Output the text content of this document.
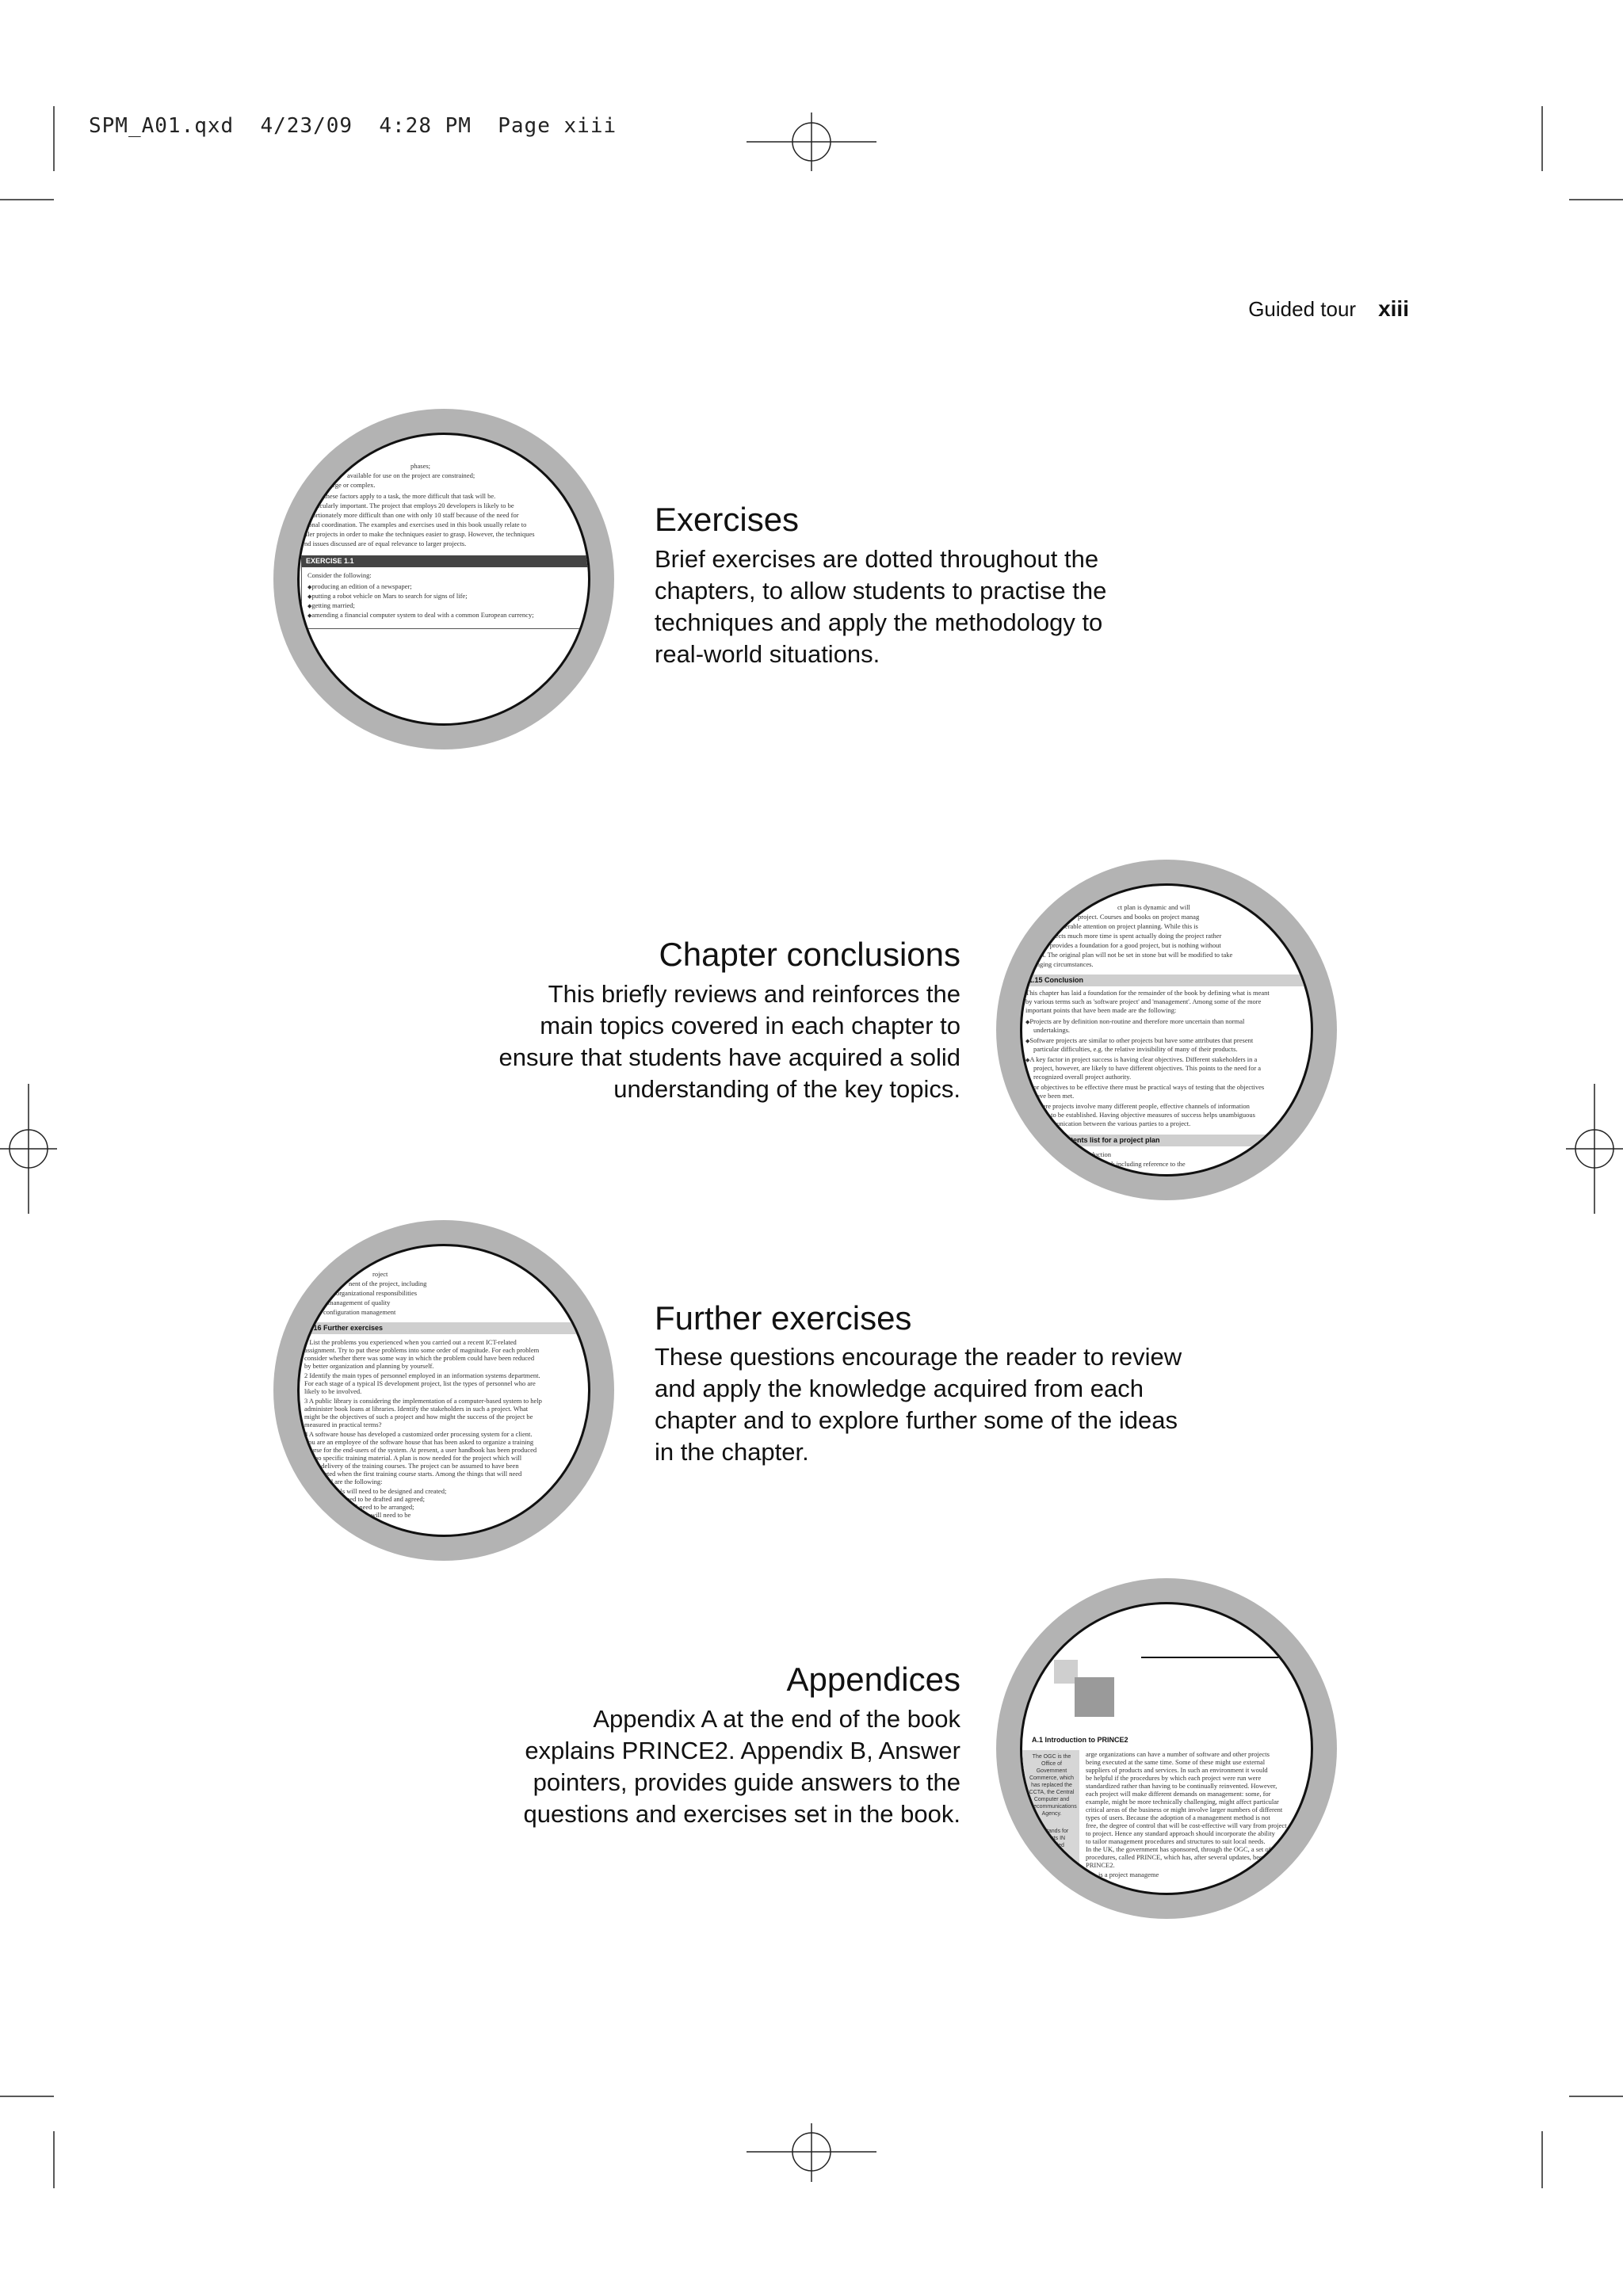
SPM_A01.qxd  4/23/09  4:28 PM  Page xiii
Guided tour xiii
phases;
available for use on the project are constrained;
large or complex.
of these factors apply to a task, the more difficult that task will be.
articularly important. The project that employs 20 developers is likely to be
oportionately more difficult than one with only 10 staff because of the need for
itional coordination. The examples and exercises used in this book usually relate to
aller projects in order to make the techniques easier to grasp. However, the techniques
nd issues discussed are of equal relevance to larger projects.
EXERCISE 1.1
Consider the following:
◆ producing an edition of a newspaper;
◆ putting a robot vehicle on Mars to search for signs of life;
◆ getting married;
◆ amending a financial computer system to deal with a common European currency;
Exercises
Brief exercises are dotted throughout the
chapters, to allow students to practise the
techniques and apply the methodology to
real-world situations.
ct plan is dynamic and will
project. Courses and books on project manag
siderable attention on project planning. While this is
projects much more time is spent actually doing the project rather
plan provides a foundation for a good project, but is nothing without
ution. The original plan will not be set in stone but will be modified to take
changing circumstances.
1.15 Conclusion
This chapter has laid a foundation for the remainder of the book by defining what is meant
by various terms such as 'software project' and 'management'. Among some of the more
important points that have been made are the following:
◆ Projects are by definition non-routine and therefore more uncertain than normal
undertakings.
◆ Software projects are similar to other projects but have some attributes that present
particular difficulties, e.g. the relative invisibility of many of their products.
◆ A key factor in project success is having clear objectives. Different stakeholders in a
project, however, are likely to have different objectives. This points to the need for a
recognized overall project authority.
◆ For objectives to be effective there must be practical ways of testing that the objectives
have been met.
◆ Where projects involve many different people, effective channels of information
have to be established. Having objective measures of success helps unambiguous
communication between the various parties to a project.
1 Contents list for a project plan
Introduction
ground: including reference to the
Chapter conclusions
This briefly reviews and reinforces the
main topics covered in each chapter to
ensure that students have acquired a solid
understanding of the key topics.
roject
nent of the project, including
organizational responsibilities
management of quality
configuration management
1.16 Further exercises
1 List the problems you experienced when you carried out a recent ICT-related
assignment. Try to put these problems into some order of magnitude. For each problem
consider whether there was some way in which the problem could have been reduced
by better organization and planning by yourself.
2 Identify the main types of personnel employed in an information systems department.
For each stage of a typical IS development project, list the types of personnel who are
likely to be involved.
3 A public library is considering the implementation of a computer-based system to help
administer book loans at libraries. Identify the stakeholders in such a project. What
might be the objectives of such a project and how might the success of the project be
measured in practical terms?
4 A software house has developed a customized order processing system for a client.
You are an employee of the software house that has been asked to organize a training
course for the end-users of the system. At present, a user handbook has been produced
but no specific training material. A plan is now needed for the project which will
to the delivery of the training courses. The project can be assumed to have been
completed when the first training course starts. Among the things that will need
rranged are the following:
materials will need to be designed and created;
will need to be drafted and agreed;
will need to be arranged;
will need to be
Further exercises
These questions encourage the reader to review
and apply the knowledge acquired from each
chapter and to explore further some of the ideas
in the chapter.
A.1 Introduction to PRINCE2
The OGC is the
Office of
Government
Commerce, which
has replaced the
CCTA, the Central
Computer and
Telecommunications
Agency.
PR stands for
Projects IN
Controlled
arge organizations can have a number of software and other projects
being executed at the same time. Some of these might use external
suppliers of products and services. In such an environment it would
be helpful if the procedures by which each project were run were
standardized rather than having to be continually reinvented. However,
each project will make different demands on management: some, for
example, might be more technically challenging, might affect particular
critical areas of the business or might involve larger numbers of different
types of users. Because the adoption of a management method is not
free, the degree of control that will be cost-effective will vary from project
to project. Hence any standard approach should incorporate the ability
to tailor management procedures and structures to suit local needs.
In the UK, the government has sponsored, through the OGC, a set of
procedures, called PRINCE, which has, after several updates, become
PRINCE2.
is a project manageme
Appendices
Appendix A at the end of the book
explains PRINCE2. Appendix B, Answer
pointers, provides guide answers to the
questions and exercises set in the book.
